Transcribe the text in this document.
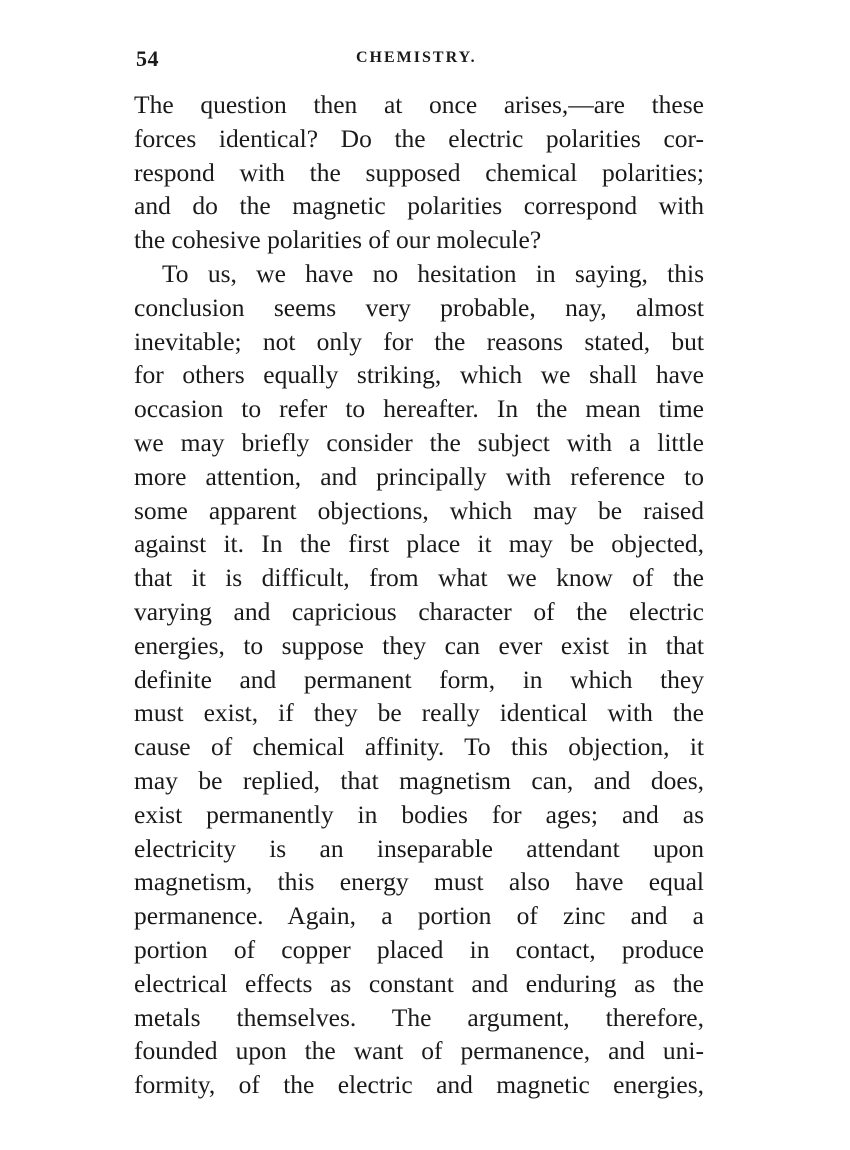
54	CHEMISTRY.
The question then at once arises,—are these
forces identical? Do the electric polarities cor-
respond with the supposed chemical polarities;
and do the magnetic polarities correspond with
the cohesive polarities of our molecule?
To us, we have no hesitation in saying, this
conclusion seems very probable, nay, almost
inevitable; not only for the reasons stated, but
for others equally striking, which we shall have
occasion to refer to hereafter. In the mean time
we may briefly consider the subject with a little
more attention, and principally with reference to
some apparent objections, which may be raised
against it. In the first place it may be objected,
that it is difficult, from what we know of the
varying and capricious character of the electric
energies, to suppose they can ever exist in that
definite and permanent form, in which they
must exist, if they be really identical with the
cause of chemical affinity. To this objection, it
may be replied, that magnetism can, and does,
exist permanently in bodies for ages; and as
electricity is an inseparable attendant upon
magnetism, this energy must also have equal
permanence. Again, a portion of zinc and a
portion of copper placed in contact, produce
electrical effects as constant and enduring as the
metals themselves. The argument, therefore,
founded upon the want of permanence, and uni-
formity, of the electric and magnetic energies,
